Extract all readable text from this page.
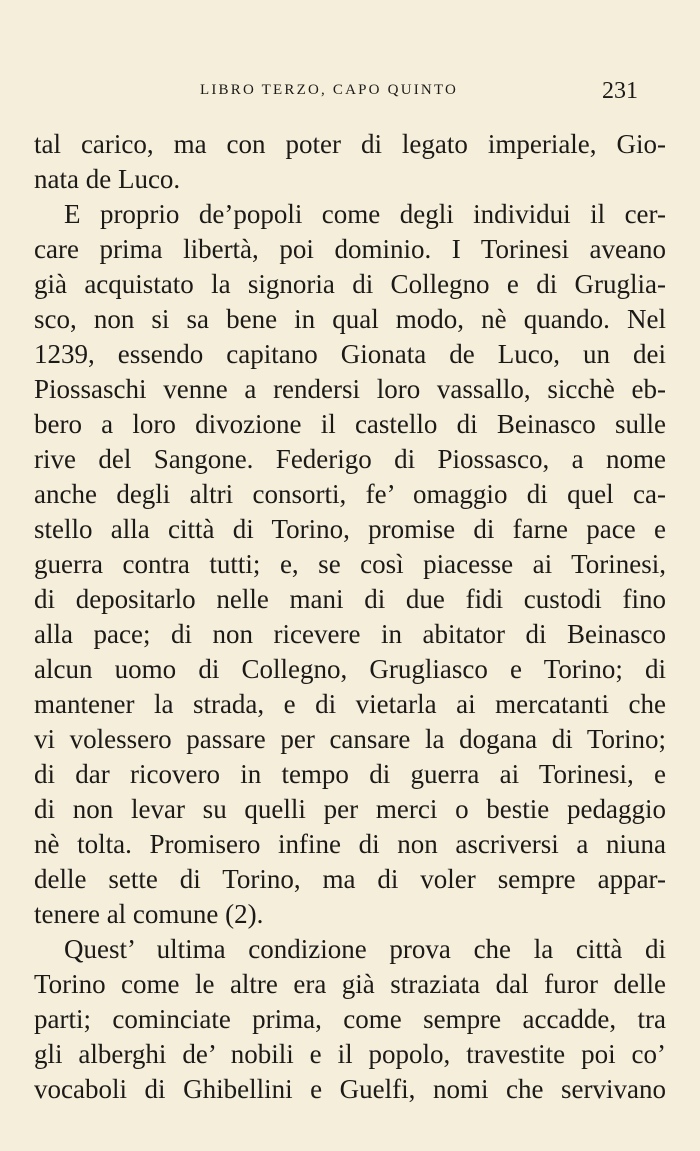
LIBRO TERZO, CAPO QUINTO	231

tal carico, ma con poter di legato imperiale, Gio-
nata de Luco.

E proprio de’popoli come degli individui il cer-
care prima libertà, poi dominio. I Torinesi aveano
già acquistato la signoria di Collegno e di Gruglia-
sco, non si sa bene in qual modo, nè quando. Nel
1239, essendo capitano Gionata de Luco, un dei
Piossaschi venne a rendersi loro vassallo, sicchè eb-
bero a loro divozione il castello di Beinasco sulle
rive del Sangone. Federigo di Piossasco, a nome
anche degli altri consorti, fe’ omaggio di quel ca-
stello alla città di Torino, promise di farne pace e
guerra contra tutti; e, se così piacesse ai Torinesi,
di depositarlo nelle mani di due fidi custodi fino
alla pace; di non ricevere in abitator di Beinasco
alcun uomo di Collegno, Grugliasco e Torino; di
mantener la strada, e di vietarla ai mercatanti che
vi volessero passare per cansare la dogana di Torino;
di dar ricovero in tempo di guerra ai Torinesi, e
di non levar su quelli per merci o bestie pedaggio
nè tolta. Promisero infine di non ascriversi a niuna
delle sette di Torino, ma di voler sempre appar-
tenere al comune (2).

Quest’ ultima condizione prova che la città di
Torino come le altre era già straziata dal furor delle
parti; cominciate prima, come sempre accadde, tra
gli alberghi de’ nobili e il popolo, travestite poi co’
vocaboli di Ghibellini e Guelfi, nomi che servivano
